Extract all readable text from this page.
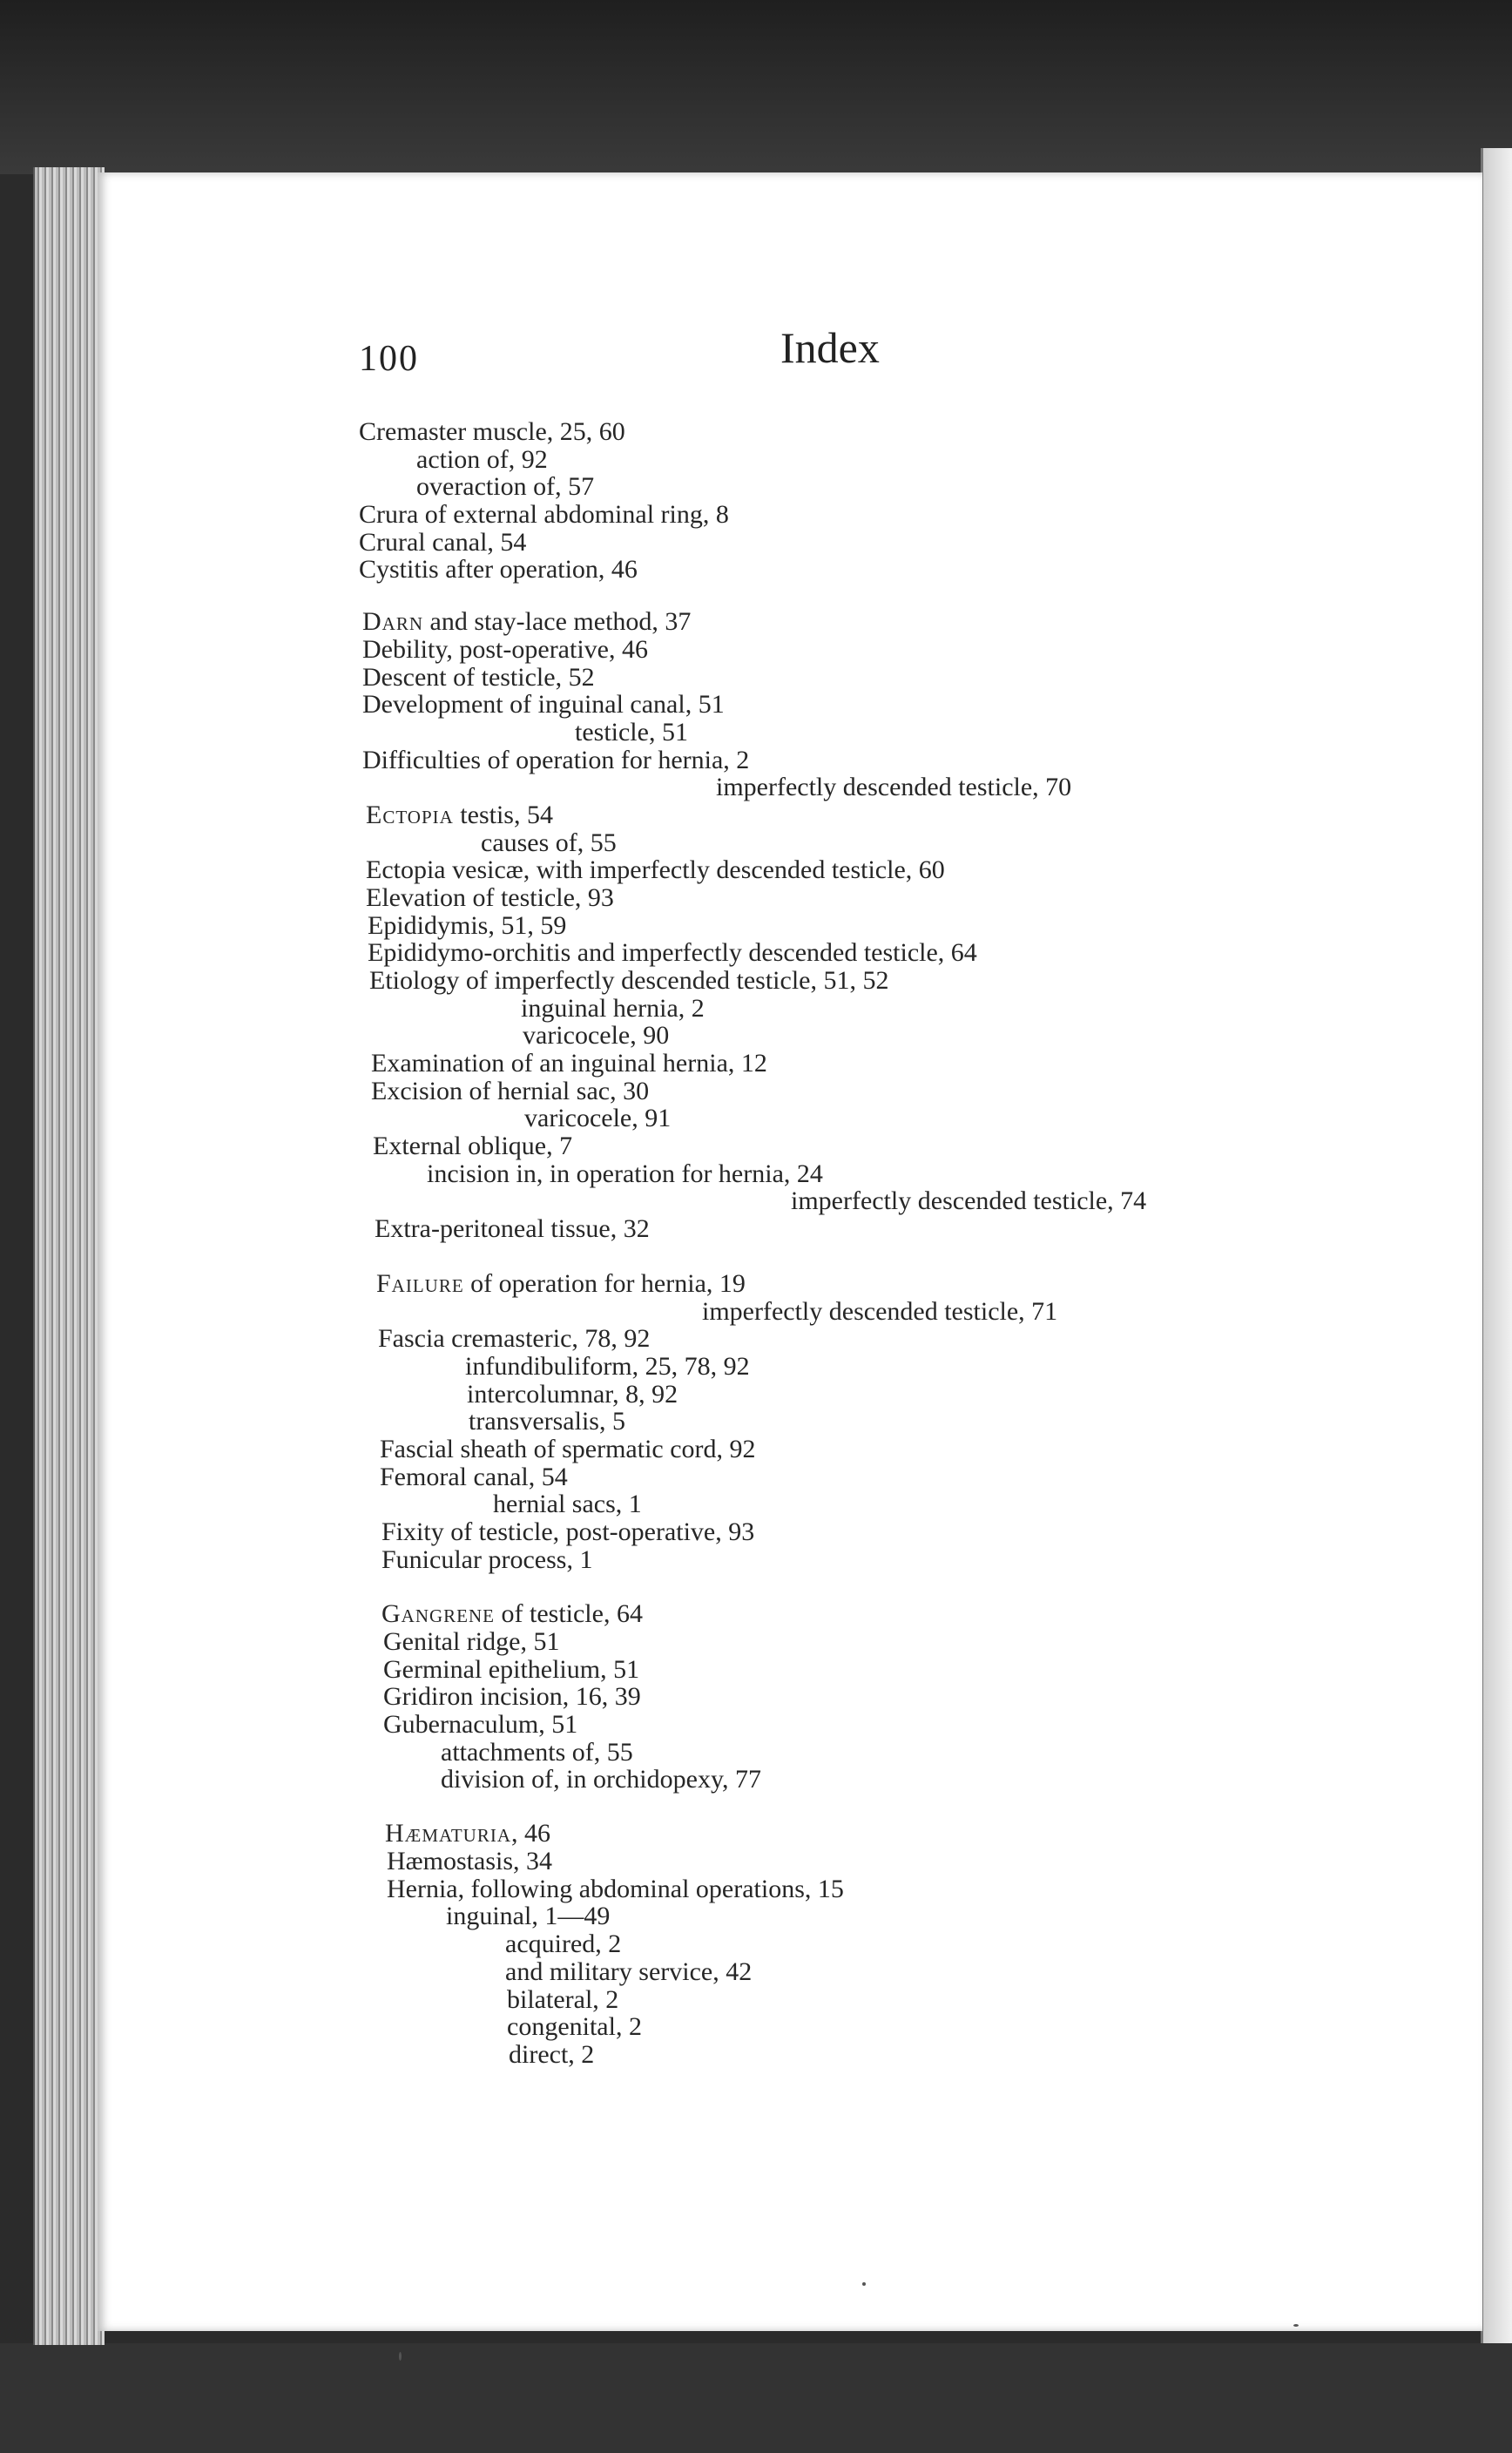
100	Index
Cremaster muscle, 25, 60
action of, 92
overaction of, 57
Crura of external abdominal ring, 8
Crural canal, 54
Cystitis after operation, 46
Darn and stay-lace method, 37
Debility, post-operative, 46
Descent of testicle, 52
Development of inguinal canal, 51
testicle, 51
Difficulties of operation for hernia, 2
imperfectly descended testicle, 70
Ectopia testis, 54
causes of, 55
Ectopia vesicæ, with imperfectly descended testicle, 60
Elevation of testicle, 93
Epididymis, 51, 59
Epididymo-orchitis and imperfectly descended testicle, 64
Etiology of imperfectly descended testicle, 51, 52
inguinal hernia, 2
varicocele, 90
Examination of an inguinal hernia, 12
Excision of hernial sac, 30
varicocele, 91
External oblique, 7
incision in, in operation for hernia, 24
imperfectly descended testicle, 74
Extra-peritoneal tissue, 32
Failure of operation for hernia, 19
imperfectly descended testicle, 71
Fascia cremasteric, 78, 92
infundibuliform, 25, 78, 92
intercolumnar, 8, 92
transversalis, 5
Fascial sheath of spermatic cord, 92
Femoral canal, 54
hernial sacs, 1
Fixity of testicle, post-operative, 93
Funicular process, 1
Gangrene of testicle, 64
Genital ridge, 51
Germinal epithelium, 51
Gridiron incision, 16, 39
Gubernaculum, 51
attachments of, 55
division of, in orchidopexy, 77
Hæmaturia, 46
Hæmostasis, 34
Hernia, following abdominal operations, 15
inguinal, 1—49
acquired, 2
and military service, 42
bilateral, 2
congenital, 2
direct, 2
